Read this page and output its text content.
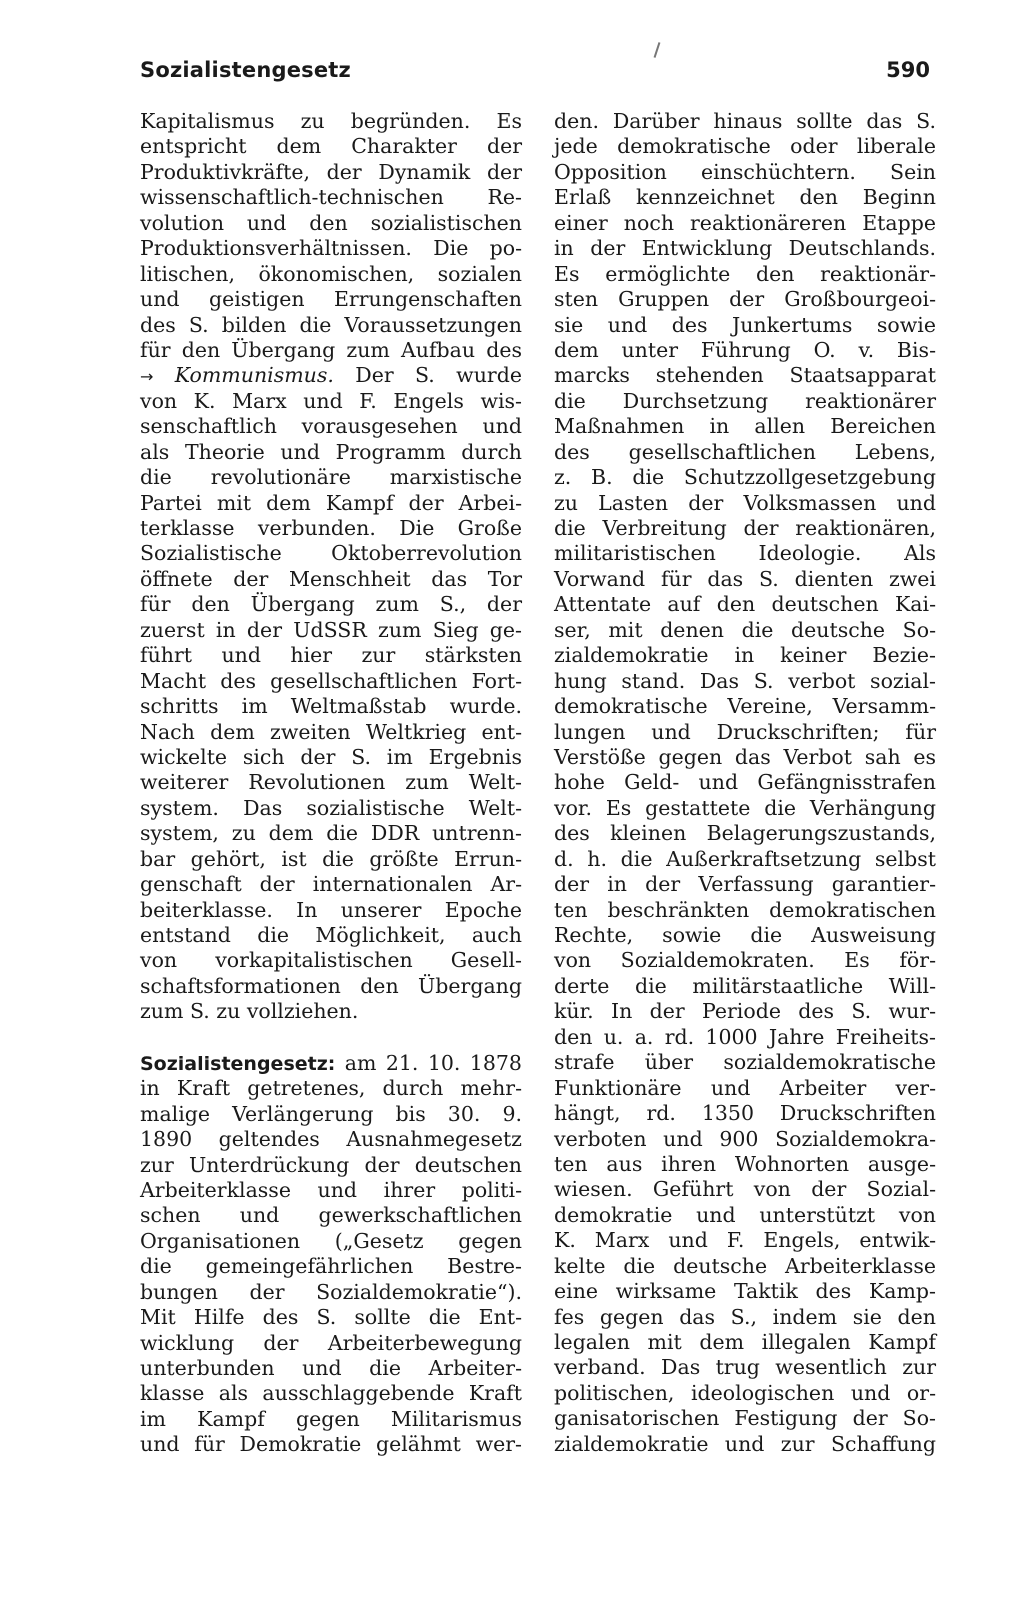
Sozialistengesetz	590
Kapitalismus zu begründen. Es
entspricht dem Charakter der
Produktivkräfte, der Dynamik der
wissenschaftlich-technischen Re-
volution und den sozialistischen
Produktionsverhältnissen. Die po-
litischen, ökonomischen, sozialen
und geistigen Errungenschaften
des S. bilden die Voraussetzungen
für den Übergang zum Aufbau des
→ Kommunismus. Der S. wurde
von K. Marx und F. Engels wis-
senschaftlich vorausgesehen und
als Theorie und Programm durch
die revolutionäre marxistische
Partei mit dem Kampf der Arbei-
terklasse verbunden. Die Große
Sozialistische Oktoberrevolution
öffnete der Menschheit das Tor
für den Übergang zum S., der
zuerst in der UdSSR zum Sieg ge-
führt und hier zur stärksten
Macht des gesellschaftlichen Fort-
schritts im Weltmaßstab wurde.
Nach dem zweiten Weltkrieg ent-
wickelte sich der S. im Ergebnis
weiterer Revolutionen zum Welt-
system. Das sozialistische Welt-
system, zu dem die DDR untrenn-
bar gehört, ist die größte Errun-
genschaft der internationalen Ar-
beiterklasse. In unserer Epoche
entstand die Möglichkeit, auch
von vorkapitalistischen Gesell-
schaftsformationen den Übergang
zum S. zu vollziehen.
Sozialistengesetz: am 21. 10. 1878
in Kraft getretenes, durch mehr-
malige Verlängerung bis 30. 9.
1890 geltendes Ausnahmegesetz
zur Unterdrückung der deutschen
Arbeiterklasse und ihrer politi-
schen und gewerkschaftlichen
Organisationen („Gesetz gegen
die gemeingefährlichen Bestre-
bungen der Sozialdemokratie“).
Mit Hilfe des S. sollte die Ent-
wicklung der Arbeiterbewegung
unterbunden und die Arbeiter-
klasse als ausschlaggebende Kraft
im Kampf gegen Militarismus
und für Demokratie gelähmt wer-
den. Darüber hinaus sollte das S.
jede demokratische oder liberale
Opposition einschüchtern. Sein
Erlaß kennzeichnet den Beginn
einer noch reaktionäreren Etappe
in der Entwicklung Deutschlands.
Es ermöglichte den reaktionär-
sten Gruppen der Großbourgeoi-
sie und des Junkertums sowie
dem unter Führung O. v. Bis-
marcks stehenden Staatsapparat
die Durchsetzung reaktionärer
Maßnahmen in allen Bereichen
des gesellschaftlichen Lebens,
z. B. die Schutzzollgesetzgebung
zu Lasten der Volksmassen und
die Verbreitung der reaktionären,
militaristischen Ideologie. Als
Vorwand für das S. dienten zwei
Attentate auf den deutschen Kai-
ser, mit denen die deutsche So-
zialdemokratie in keiner Bezie-
hung stand. Das S. verbot sozial-
demokratische Vereine, Versamm-
lungen und Druckschriften; für
Verstöße gegen das Verbot sah es
hohe Geld- und Gefängnisstrafen
vor. Es gestattete die Verhängung
des kleinen Belagerungszustands,
d. h. die Außerkraftsetzung selbst
der in der Verfassung garantier-
ten beschränkten demokratischen
Rechte, sowie die Ausweisung
von Sozialdemokraten. Es för-
derte die militärstaatliche Will-
kür. In der Periode des S. wur-
den u. a. rd. 1000 Jahre Freiheits-
strafe über sozialdemokratische
Funktionäre und Arbeiter ver-
hängt, rd. 1350 Druckschriften
verboten und 900 Sozialdemokra-
ten aus ihren Wohnorten ausge-
wiesen. Geführt von der Sozial-
demokratie und unterstützt von
K. Marx und F. Engels, entwik-
kelte die deutsche Arbeiterklasse
eine wirksame Taktik des Kamp-
fes gegen das S., indem sie den
legalen mit dem illegalen Kampf
verband. Das trug wesentlich zur
politischen, ideologischen und or-
ganisatorischen Festigung der So-
zialdemokratie und zur Schaffung
